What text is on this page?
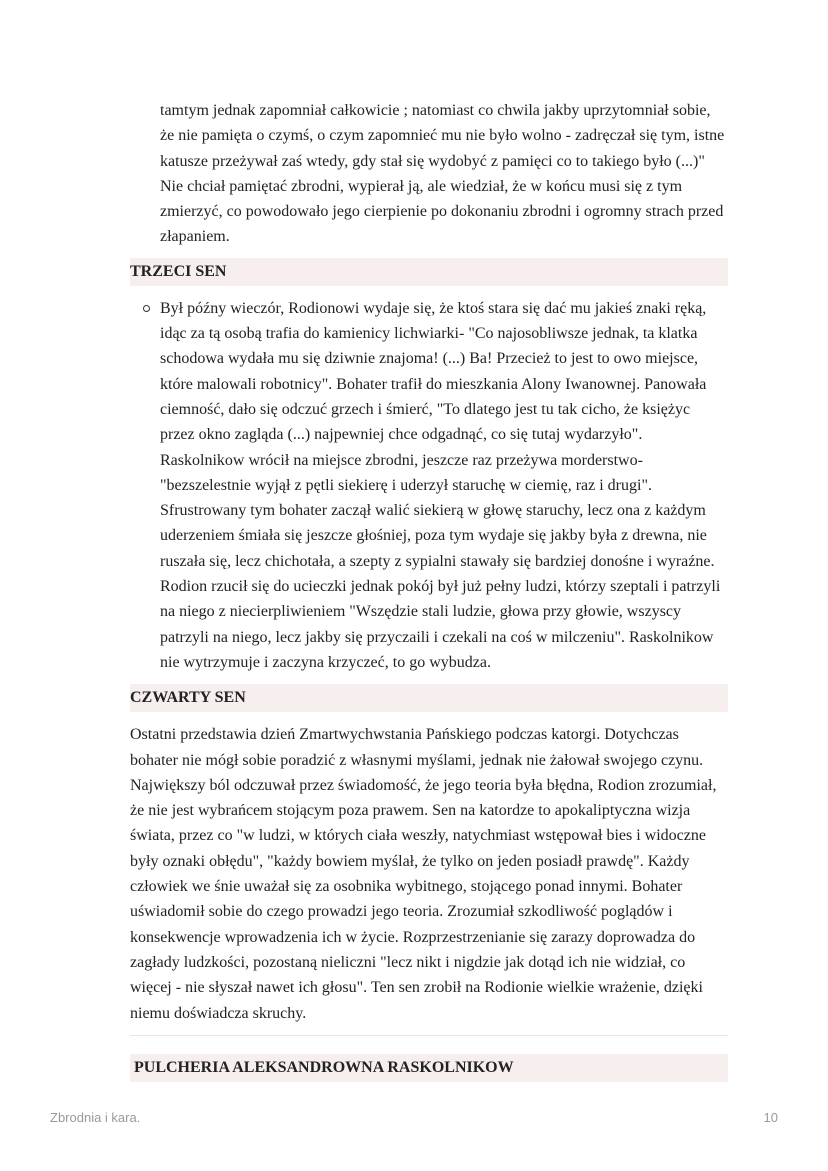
tamtym jednak zapomniał całkowicie ; natomiast co chwila jakby uprzytomniał sobie, że nie pamięta o czymś, o czym zapomnieć mu nie było wolno - zadręczał się tym, istne katusze przeżywał zaś wtedy, gdy stał się wydobyć z pamięci co to takiego było (...)" Nie chciał pamiętać zbrodni, wypierał ją, ale wiedział, że w końcu musi się z tym zmierzyć, co powodowało jego cierpienie po dokonaniu zbrodni i ogromny strach przed złapaniem.

TRZECI SEN
Był późny wieczór, Rodionowi wydaje się, że ktoś stara się dać mu jakieś znaki ręką, idąc za tą osobą trafia do kamienicy lichwiarki- "Co najosobliwsze jednak, ta klatka schodowa wydała mu się dziwnie znajoma! (...) Ba! Przecież to jest to owo miejsce, które malowali robotnicy". Bohater trafił do mieszkania Alony Iwanownej. Panowała ciemność, dało się odczuć grzech i śmierć, "To dlatego jest tu tak cicho, że księżyc przez okno zagląda (...) najpewniej chce odgadnąć, co się tutaj wydarzyło". Raskolnikow wrócił na miejsce zbrodni, jeszcze raz przeżywa morderstwo- "bezszelestnie wyjął z pętli siekierę i uderzył staruchę w ciemię, raz i drugi". Sfrustrowany tym bohater zaczął walić siekierą w głowę staruchy, lecz ona z każdym uderzeniem śmiała się jeszcze głośniej, poza tym wydaje się jakby była z drewna, nie ruszała się, lecz chichotała, a szepty z sypialni stawały się bardziej donośne i wyraźne. Rodion rzucił się do ucieczki jednak pokój był już pełny ludzi, którzy szeptali i patrzyli na niego z niecierpliwieniem "Wszędzie stali ludzie, głowa przy głowie, wszyscy patrzyli na niego, lecz jakby się przyczaili i czekali na coś w milczeniu". Raskolnikow nie wytrzymuje i zaczyna krzyczeć, to go wybudza.
CZWARTY SEN

Ostatni przedstawia dzień Zmartwychwstania Pańskiego podczas katorgi. Dotychczas bohater nie mógł sobie poradzić z własnymi myślami, jednak nie żałował swojego czynu. Największy ból odczuwał przez świadomość, że jego teoria była błędna, Rodion zrozumiał, że nie jest wybrańcem stojącym poza prawem. Sen na katordze to apokaliptyczna wizja świata, przez co "w ludzi, w których ciała weszły, natychmiast wstępował bies i widoczne były oznaki obłędu", "każdy bowiem myślał, że tylko on jeden posiadł prawdę". Każdy człowiek we śnie uważał się za osobnika wybitnego, stojącego ponad innymi. Bohater uświadomił sobie do czego prowadzi jego teoria. Zrozumiał szkodliwość poglądów i konsekwencje wprowadzenia ich w życie. Rozprzestrzenianie się zarazy doprowadza do zagłady ludzkości, pozostaną nieliczni "lecz nikt i nigdzie jak dotąd ich nie widział, co więcej - nie słyszał nawet ich głosu". Ten sen zrobił na Rodionie wielkie wrażenie, dzięki niemu doświadcza skruchy.

PULCHERIA ALEKSANDROWNA RASKOLNIKOW
Zbrodnia i kara.	10
